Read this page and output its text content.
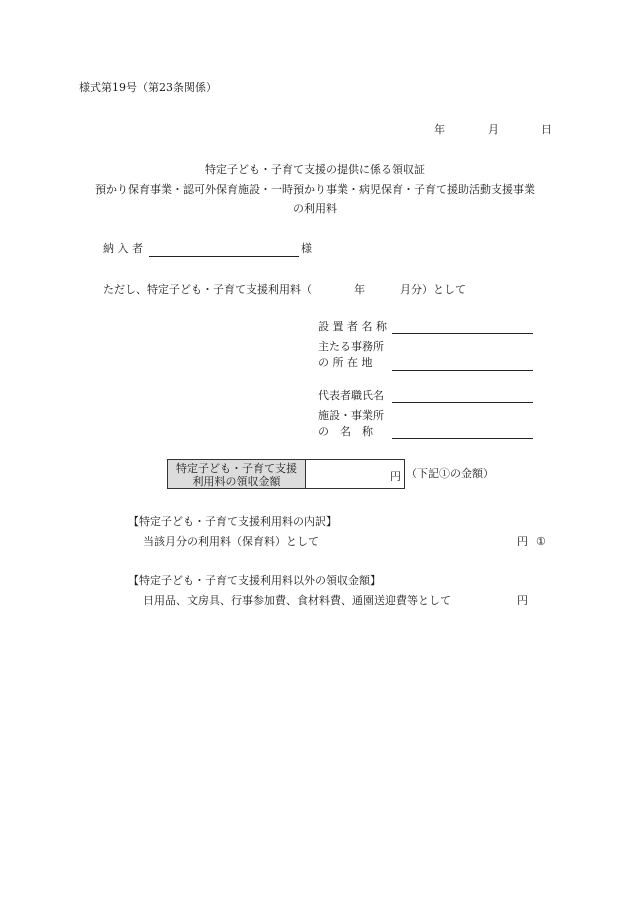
様式第19号（第23条関係）
年	月	日
特定子ども・子育て支援の提供に係る領収証
預かり保育事業・認可外保育施設・一時預かり事業・病児保育・子育て援助活動支援事業
の利用料
納 入 者	様
ただし、特定子ども・子育て支援利用料（	年	月分）として
設 置 者 名 称
主たる事務所
の 所 在 地
代表者職氏名
施設・事業所
の　名　称
特定子ども・子育て支援
利用料の領収金額	円 （下記①の金額）
【特定子ども・子育て支援利用料の内訳】
当該月分の利用料（保育料）として	円 ①
【特定子ども・子育て支援利用料以外の領収金額】
日用品、文房具、行事参加費、食材料費、通園送迎費等として	円
